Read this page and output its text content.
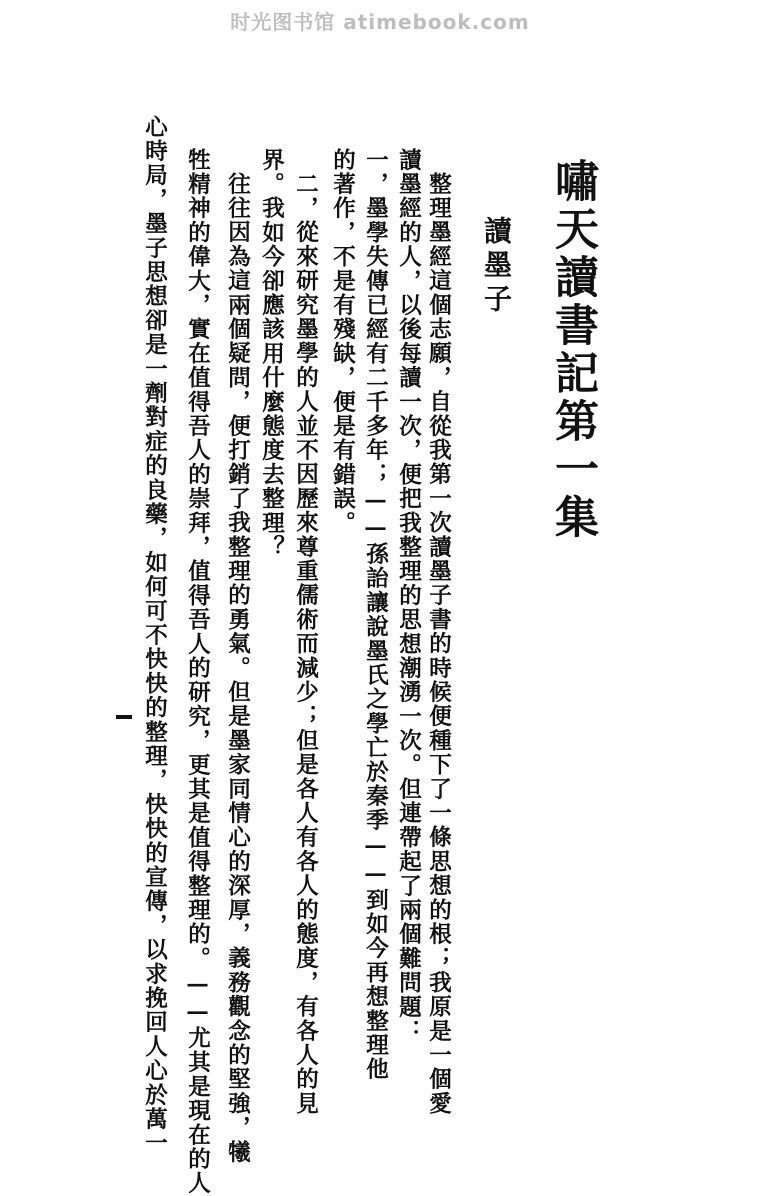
时光图书馆 atimebook.com
嘯天讀書記第一集
讀墨子
整理墨經這個志願，自從我第一次讀墨子書的時候便種下了一條思想的根；我原是一個愛
讀墨經的人，以後每讀一次，便把我整理的思想潮湧一次。但連帶起了兩個難問題：
一，墨學失傳已經有二千多年；——孫詒讓說墨氏之學亡於秦季——到如今再想整理他
的著作，不是有殘缺，便是有錯誤。
二，從來研究墨學的人並不因歷來尊重儒術而減少；但是各人有各人的態度，有各人的見
界。我如今卻應該用什麼態度去整理？
往往因為這兩個疑問，便打銷了我整理的勇氣。但是墨家同情心的深厚，義務觀念的堅強，犧
牲精神的偉大，實在值得吾人的崇拜，值得吾人的研究，更其是值得整理的。——尤其是現在的人
心時局，墨子思想卻是一劑對症的良藥，如何可不快快的整理，快快的宣傳，以求挽回人心於萬一
